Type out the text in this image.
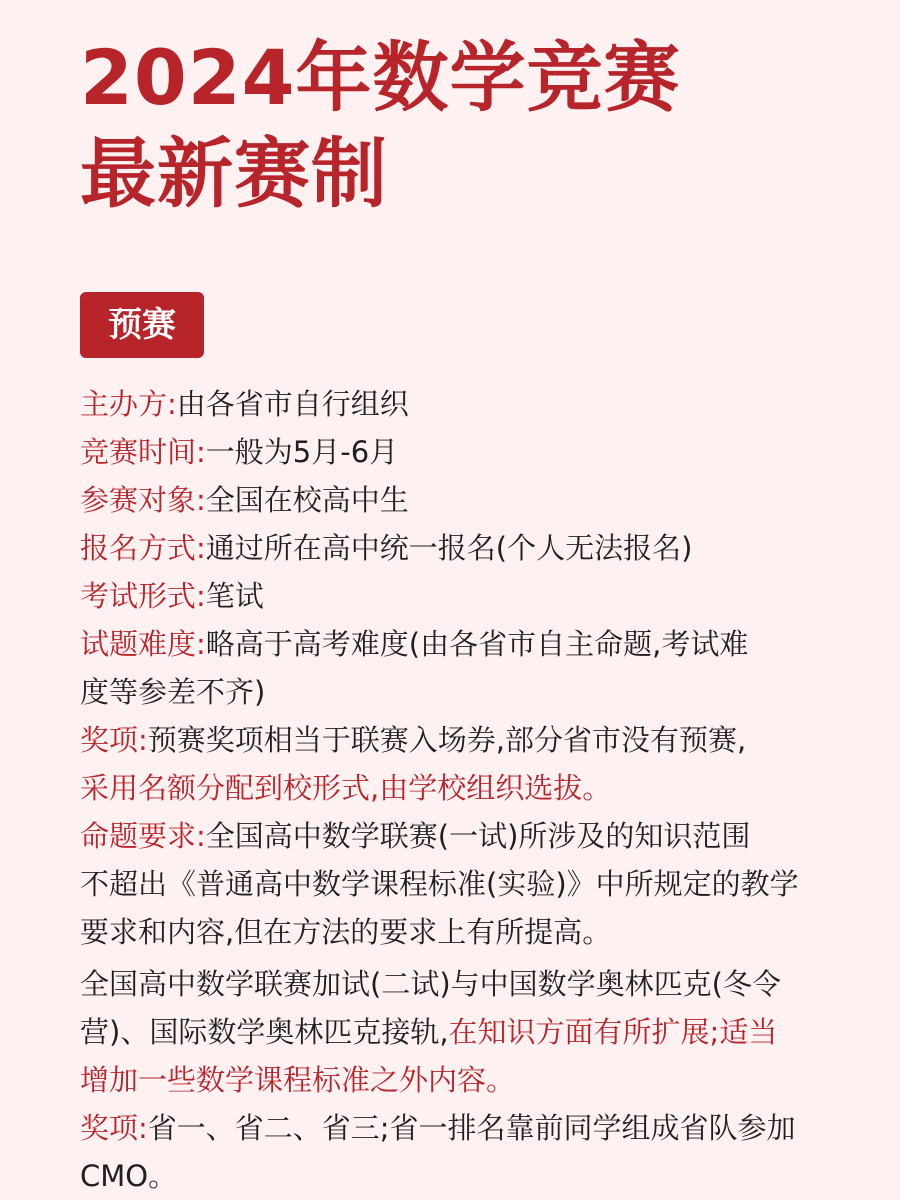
2024年数学竞赛
最新赛制
预赛

主办方:由各省市自行组织

竞赛时间:一般为5月-6月

参赛对象:全国在校高中生

报名方式:通过所在高中统一报名(个人无法报名)

考试形式:笔试

试题难度:略高于高考难度(由各省市自主命题,考试难
度等参差不齐)

奖项:预赛奖项相当于联赛入场券,部分省市没有预赛,
采用名额分配到校形式,由学校组织选拔。

命题要求:全国高中数学联赛(一试)所涉及的知识范围
不超出《普通高中数学课程标准(实验)》中所规定的教学
要求和内容,但在方法的要求上有所提高。

全国高中数学联赛加试(二试)与中国数学奥林匹克(冬令
营)、国际数学奥林匹克接轨,在知识方面有所扩展;适当
增加一些数学课程标准之外内容。

奖项:省一、省二、省三;省一排名靠前同学组成省队参加
CMO。
